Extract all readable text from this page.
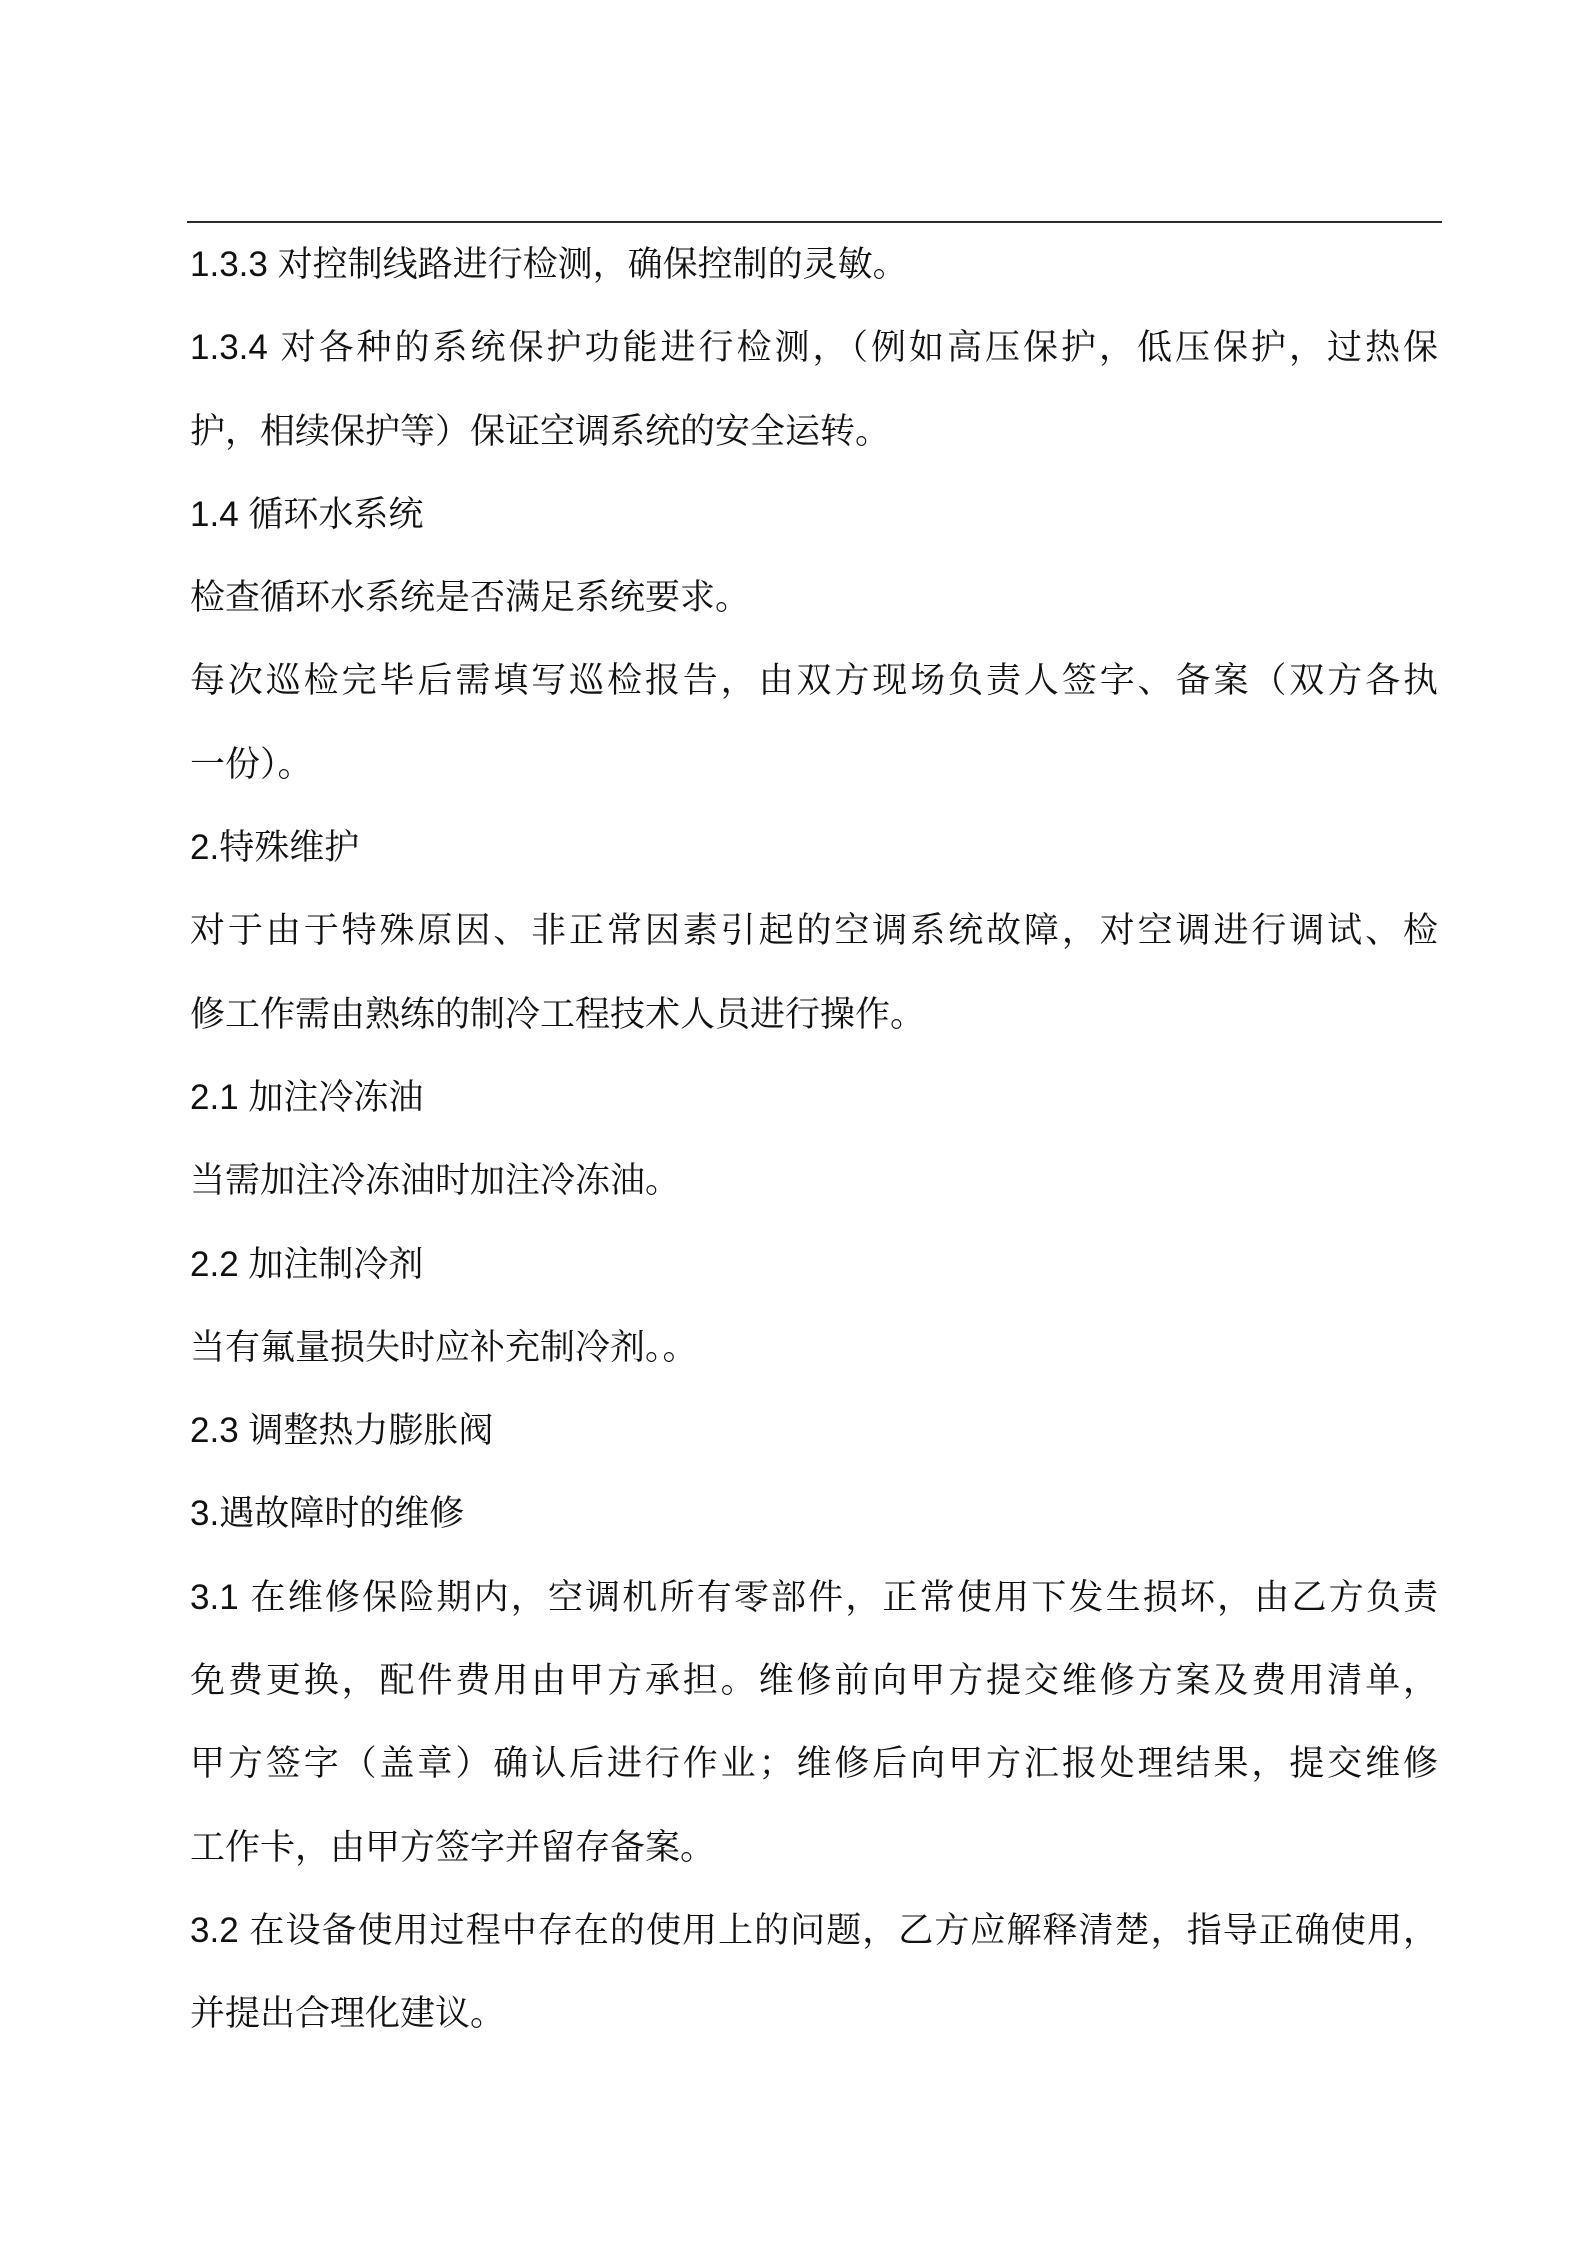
1.3.3 对控制线路进行检测，确保控制的灵敏。
1.3.4 对各种的系统保护功能进行检测，（例如高压保护，低压保护，过热保
护，相续保护等）保证空调系统的安全运转。
1.4 循环水系统
检查循环水系统是否满足系统要求。
每次巡检完毕后需填写巡检报告，由双方现场负责人签字、备案（双方各执
一份）。
2.特殊维护
对于由于特殊原因、非正常因素引起的空调系统故障，对空调进行调试、检
修工作需由熟练的制冷工程技术人员进行操作。
2.1 加注冷冻油
当需加注冷冻油时加注冷冻油。
2.2 加注制冷剂
当有氟量损失时应补充制冷剂。。
2.3 调整热力膨胀阀
3.遇故障时的维修
3.1 在维修保险期内，空调机所有零部件，正常使用下发生损坏，由乙方负责
免费更换，配件费用由甲方承担。维修前向甲方提交维修方案及费用清单，
甲方签字（盖章）确认后进行作业；维修后向甲方汇报处理结果，提交维修
工作卡，由甲方签字并留存备案。
3.2 在设备使用过程中存在的使用上的问题，乙方应解释清楚，指导正确使用，
并提出合理化建议。
